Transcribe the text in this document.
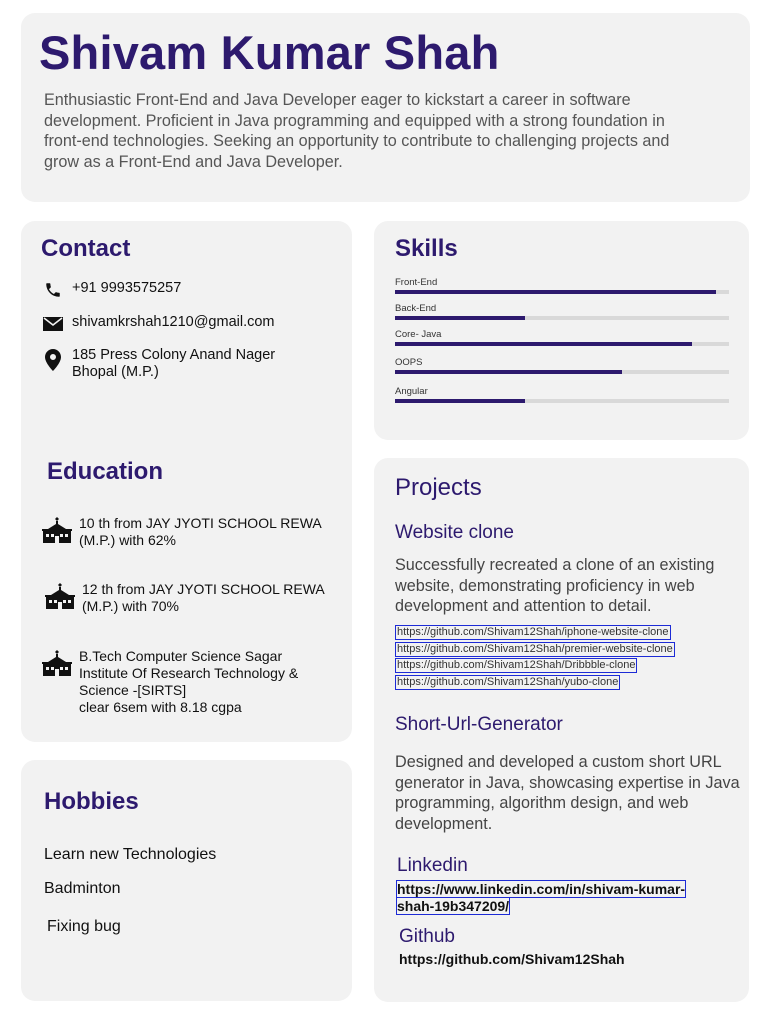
Shivam Kumar Shah
Enthusiastic Front-End and Java Developer eager to kickstart a career in software development. Proficient in Java programming and equipped with a strong foundation in front-end technologies. Seeking an opportunity to contribute to challenging projects and grow as a Front-End and Java Developer.
Contact
+91 9993575257
shivamkrshah1210@gmail.com
185 Press Colony Anand Nager
Bhopal (M.P.)
Education
10 th from JAY JYOTI SCHOOL REWA
(M.P.) with 62%
12 th from JAY JYOTI SCHOOL REWA
(M.P.) with 70%
B.Tech Computer Science Sagar
Institute Of Research Technology &
Science -[SIRTS]
clear 6sem with 8.18 cgpa
Hobbies
Learn new Technologies
Badminton
Fixing bug
Skills
Front-End
Back-End
Core- Java
OOPS
Angular
Projects
Website clone
Successfully recreated a clone of an existing website, demonstrating proficiency in web development and attention to detail.
https://github.com/Shivam12Shah/iphone-website-clone
https://github.com/Shivam12Shah/premier-website-clone
https://github.com/Shivam12Shah/Dribbble-clone
https://github.com/Shivam12Shah/yubo-clone
Short-Url-Generator
Designed and developed a custom short URL generator in Java, showcasing expertise in Java programming, algorithm design, and web development.
Linkedin
https://www.linkedin.com/in/shivam-kumar-
shah-19b347209/
Github
https://github.com/Shivam12Shah
